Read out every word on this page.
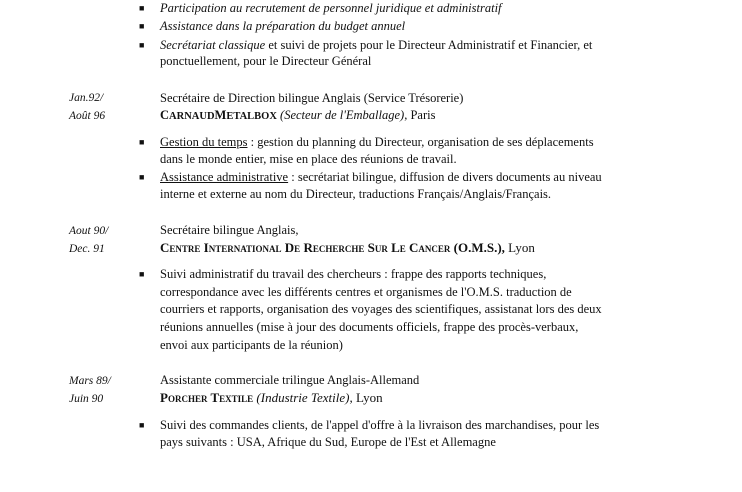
■ Participation au recrutement de personnel juridique et administratif
■ Assistance dans la préparation du budget annuel
■ Secrétariat classique et suivi de projets pour le Directeur Administratif et Financier, et
ponctuellement, pour le Directeur Général
Jan.92/
Août 96
Secrétaire de Direction bilingue Anglais (Service Trésorerie)
CARNAUDMETALBOX (Secteur de l'Emballage), Paris
■ Gestion du temps : gestion du planning du Directeur, organisation de ses déplacements
dans le monde entier, mise en place des réunions de travail.
■ Assistance administrative : secrétariat bilingue, diffusion de divers documents au niveau
interne et externe au nom du Directeur, traductions Français/Anglais/Français.
Aout 90/
Dec. 91
Secrétaire bilingue Anglais,
Centre International De Recherche Sur Le Cancer (O.M.S.), Lyon
■ Suivi administratif du travail des chercheurs : frappe des rapports techniques,
correspondance avec les différents centres et organismes de l'O.M.S. traduction de
courriers et rapports, organisation des voyages des scientifiques, assistanat lors des deux
réunions annuelles (mise à jour des documents officiels, frappe des procès-verbaux,
envoi aux participants de la réunion)
Mars 89/
Juin 90
Assistante commerciale trilingue Anglais-Allemand
Porcher Textile (Industrie Textile), Lyon
■ Suivi des commandes clients, de l'appel d'offre à la livraison des marchandises, pour les
pays suivants : USA, Afrique du Sud, Europe de l'Est et Allemagne
